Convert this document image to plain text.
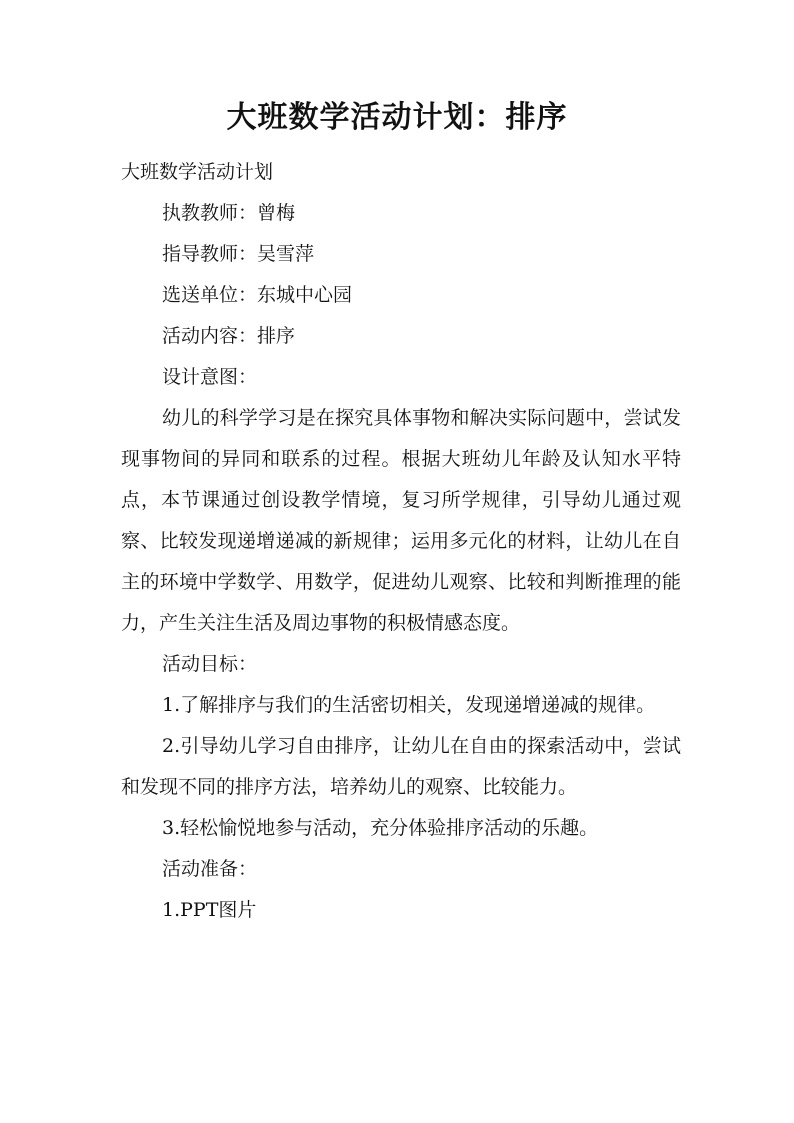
大班数学活动计划：排序

大班数学活动计划

执教教师：曾梅

指导教师：吴雪萍

选送单位：东城中心园

活动内容：排序

设计意图：

幼儿的科学学习是在探究具体事物和解决实际问题中，尝试发现事物间的异同和联系的过程。根据大班幼儿年龄及认知水平特点，本节课通过创设教学情境，复习所学规律，引导幼儿通过观察、比较发现递增递减的新规律；运用多元化的材料，让幼儿在自主的环境中学数学、用数学，促进幼儿观察、比较和判断推理的能力，产生关注生活及周边事物的积极情感态度。

活动目标：

1.了解排序与我们的生活密切相关，发现递增递减的规律。

2.引导幼儿学习自由排序，让幼儿在自由的探索活动中，尝试和发现不同的排序方法，培养幼儿的观察、比较能力。

3.轻松愉悦地参与活动，充分体验排序活动的乐趣。

活动准备：

1.PPT图片
